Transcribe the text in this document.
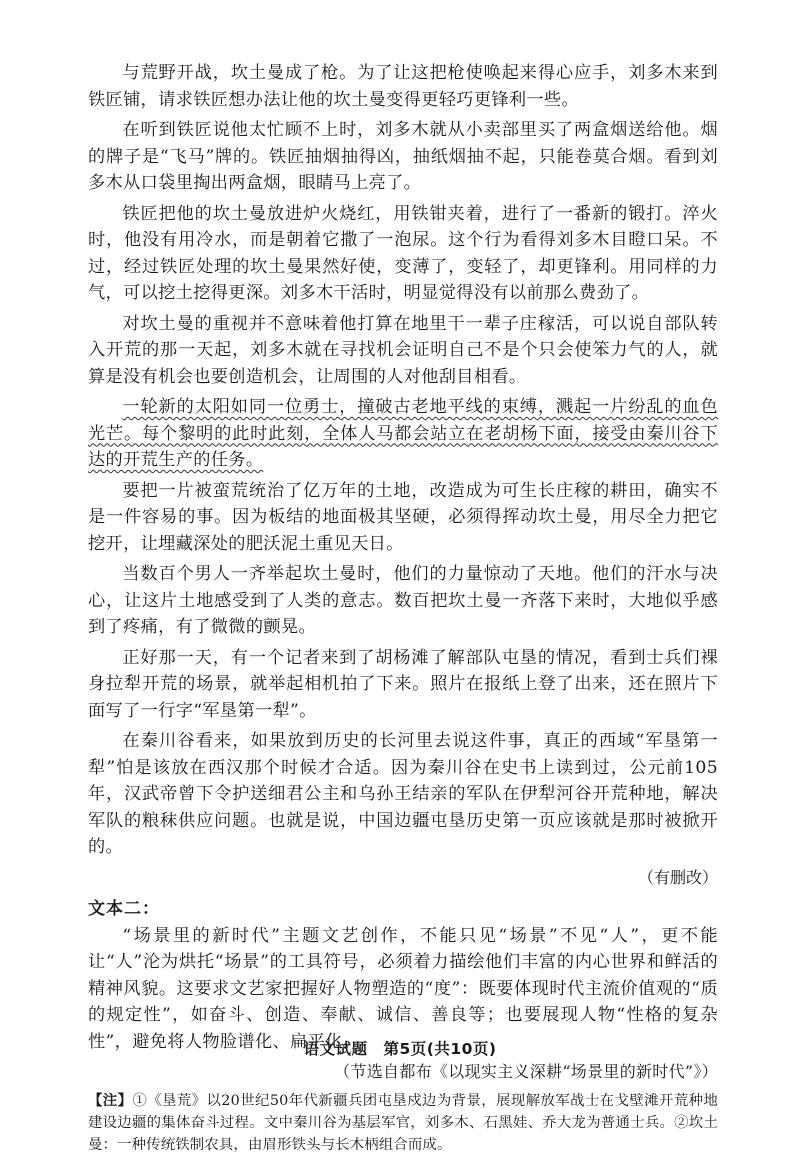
与荒野开战，坎土曼成了枪。为了让这把枪使唤起来得心应手，刘多木来到铁匠铺，请求铁匠想办法让他的坎土曼变得更轻巧更锋利一些。

在听到铁匠说他太忙顾不上时，刘多木就从小卖部里买了两盒烟送给他。烟的牌子是“飞马”牌的。铁匠抽烟抽得凶，抽纸烟抽不起，只能卷莫合烟。看到刘多木从口袋里掏出两盒烟，眼睛马上亮了。

铁匠把他的坎土曼放进炉火烧红，用铁钳夹着，进行了一番新的锻打。淬火时，他没有用冷水，而是朝着它撒了一泡尿。这个行为看得刘多木目瞪口呆。不过，经过铁匠处理的坎土曼果然好使，变薄了，变轻了，却更锋利。用同样的力气，可以挖土挖得更深。刘多木干活时，明显觉得没有以前那么费劲了。

对坎土曼的重视并不意味着他打算在地里干一辈子庄稼活，可以说自部队转入开荒的那一天起，刘多木就在寻找机会证明自己不是个只会使笨力气的人，就算是没有机会也要创造机会，让周围的人对他刮目相看。

一轮新的太阳如同一位勇士，撞破古老地平线的束缚，溅起一片纷乱的血色光芒。每个黎明的此时此刻，全体人马都会站立在老胡杨下面，接受由秦川谷下达的开荒生产的任务。

要把一片被蛮荒统治了亿万年的土地，改造成为可生长庄稼的耕田，确实不是一件容易的事。因为板结的地面极其坚硬，必须得挥动坎土曼，用尽全力把它挖开，让埋藏深处的肥沃泥土重见天日。

当数百个男人一齐举起坎土曼时，他们的力量惊动了天地。他们的汗水与决心，让这片土地感受到了人类的意志。数百把坎土曼一齐落下来时，大地似乎感到了疼痛，有了微微的颤晃。

正好那一天，有一个记者来到了胡杨滩了解部队屯垦的情况，看到士兵们裸身拉犁开荒的场景，就举起相机拍了下来。照片在报纸上登了出来，还在照片下面写了一行字“军垦第一犁”。

在秦川谷看来，如果放到历史的长河里去说这件事，真正的西域“军垦第一犁”怕是该放在西汉那个时候才合适。因为秦川谷在史书上读到过，公元前105年，汉武帝曾下令护送细君公主和乌孙王结亲的军队在伊犁河谷开荒种地，解决军队的粮秣供应问题。也就是说，中国边疆屯垦历史第一页应该就是那时被掀开的。

（有删改）
文本二：

“场景里的新时代”主题文艺创作，不能只见“场景”不见“人”，更不能让“人”沦为烘托“场景”的工具符号，必须着力描绘他们丰富的内心世界和鲜活的精神风貌。这要求文艺家把握好人物塑造的“度”：既要体现时代主流价值观的“质的规定性”，如奋斗、创造、奉献、诚信、善良等；也要展现人物“性格的复杂性”，避免将人物脸谱化、扁平化。

（节选自都布《以现实主义深耕“场景里的新时代”》）

【注】①《垦荒》以20世纪50年代新疆兵团屯垦戍边为背景，展现解放军战士在戈壁滩开荒种地建设边疆的集体奋斗过程。文中秦川谷为基层军官，刘多木、石黑娃、乔大龙为普通士兵。②坎土曼：一种传统铁制农具，由眉形铁头与长木柄组合而成。

语文试题　第5页(共10页)
